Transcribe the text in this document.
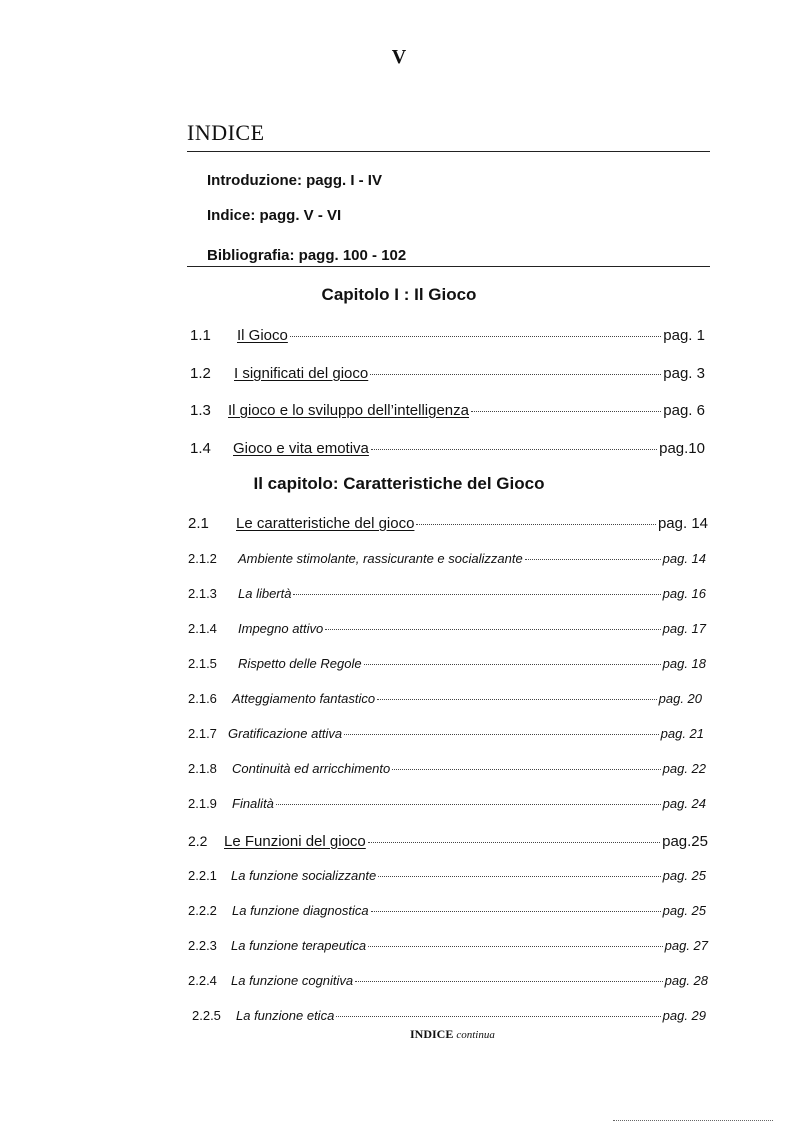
V
INDICE
Introduzione: pagg. I - IV
Indice: pagg. V - VI
Bibliografia: pagg. 100 - 102
Capitolo I : Il Gioco
1.1	Il Gioco	pag. 1
1.2	I significati del gioco	pag. 3
1.3	Il gioco e lo sviluppo dell’intelligenza	pag. 6
1.4	Gioco e vita emotiva	pag.10
Il capitolo: Caratteristiche del Gioco
2.1	Le caratteristiche del gioco	pag. 14
2.1.2	Ambiente stimolante, rassicurante e socializzante	pag. 14
2.1.3	La libertà	pag. 16
2.1.4	Impegno attivo	pag. 17
2.1.5	Rispetto delle Regole	pag. 18
2.1.6	Atteggiamento fantastico	pag. 20
2.1.7 Gratificazione attiva	pag. 21
2.1.8	Continuità ed arricchimento	pag. 22
2.1.9	Finalità	pag. 24
2.2	Le Funzioni del gioco	pag.25
2.2.1	La funzione socializzante	pag. 25
2.2.2	La funzione diagnostica	pag. 25
2.2.3	La funzione terapeutica	pag. 27
2.2.4	La funzione cognitiva	pag. 28
2.2.5	La funzione etica	pag. 29
INDICE continua
